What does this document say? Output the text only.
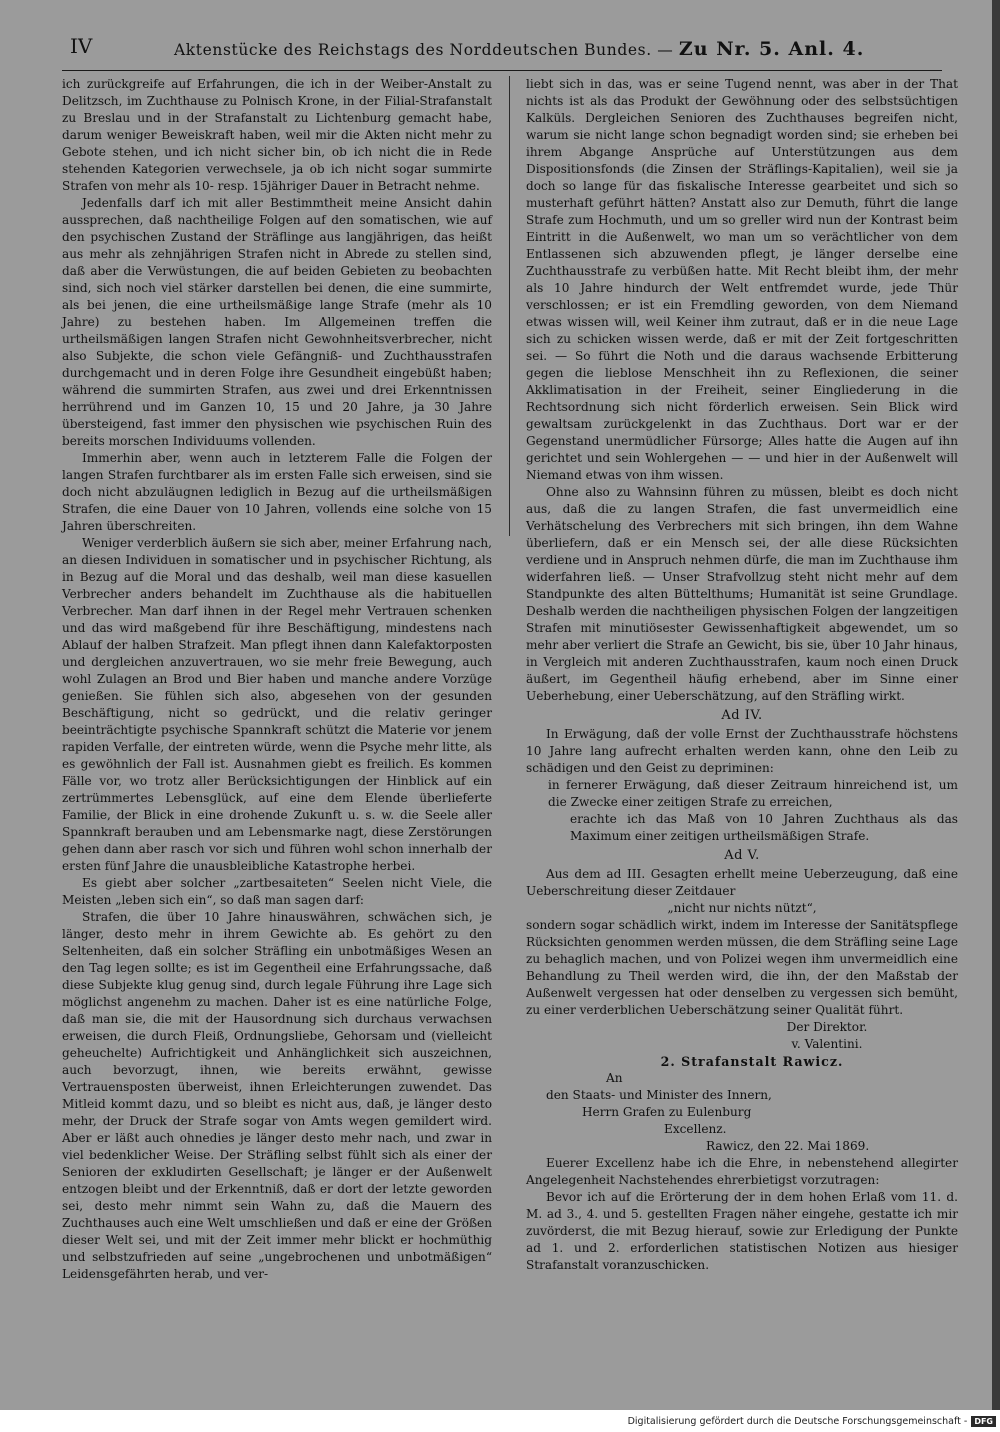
IV	Aktenstücke des Reichstags des Norddeutschen Bundes. — Zu Nr. 5. Anl. 4.

ich zurückgreife auf Erfahrungen, die ich in der Weiber-Anstalt zu Delitzsch, im Zuchthause zu Polnisch Krone, in der Filial-Strafanstalt zu Breslau und in der Strafanstalt zu Lichtenburg gemacht habe, darum weniger Beweiskraft haben, weil mir die Akten nicht mehr zu Gebote stehen, und ich nicht sicher bin, ob ich nicht die in Rede stehenden Kategorien verwechsele, ja ob ich nicht sogar summirte Strafen von mehr als 10- resp. 15jähriger Dauer in Betracht nehme.

Jedenfalls darf ich mit aller Bestimmtheit meine Ansicht dahin aussprechen, daß nachtheilige Folgen auf den somatischen, wie auf den psychischen Zustand der Sträflinge aus langjährigen, das heißt aus mehr als zehnjährigen Strafen nicht in Abrede zu stellen sind, daß aber die Verwüstungen, die auf beiden Gebieten zu beobachten sind, sich noch viel stärker darstellen bei denen, die eine summirte, als bei jenen, die eine urtheilsmäßige lange Strafe (mehr als 10 Jahre) zu bestehen haben. Im Allgemeinen treffen die urtheilsmäßigen langen Strafen nicht Gewohnheitsverbrecher, nicht also Subjekte, die schon viele Gefängniß- und Zuchthausstrafen durchgemacht und in deren Folge ihre Gesundheit eingebüßt haben; während die summirten Strafen, aus zwei und drei Erkenntnissen herrührend und im Ganzen 10, 15 und 20 Jahre, ja 30 Jahre übersteigend, fast immer den physischen wie psychischen Ruin des bereits morschen Individuums vollenden.

Immerhin aber, wenn auch in letzterem Falle die Folgen der langen Strafen furchtbarer als im ersten Falle sich erweisen, sind sie doch nicht abzuläugnen lediglich in Bezug auf die urtheilsmäßigen Strafen, die eine Dauer von 10 Jahren, vollends eine solche von 15 Jahren überschreiten.

Weniger verderblich äußern sie sich aber, meiner Erfahrung nach, an diesen Individuen in somatischer und in psychischer Richtung, als in Bezug auf die Moral und das deshalb, weil man diese kasuellen Verbrecher anders behandelt im Zuchthause als die habituellen Verbrecher. Man darf ihnen in der Regel mehr Vertrauen schenken und das wird maßgebend für ihre Beschäftigung, mindestens nach Ablauf der halben Strafzeit. Man pflegt ihnen dann Kalefaktorposten und dergleichen anzuvertrauen, wo sie mehr freie Bewegung, auch wohl Zulagen an Brod und Bier haben und manche andere Vorzüge genießen. Sie fühlen sich also, abgesehen von der gesunden Beschäftigung, nicht so gedrückt, und die relativ geringer beeinträchtigte psychische Spannkraft schützt die Materie vor jenem rapiden Verfalle, der eintreten würde, wenn die Psyche mehr litte, als es gewöhnlich der Fall ist. Ausnahmen giebt es freilich. Es kommen Fälle vor, wo trotz aller Berücksichtigungen der Hinblick auf ein zertrümmertes Lebensglück, auf eine dem Elende überlieferte Familie, der Blick in eine drohende Zukunft u. s. w. die Seele aller Spannkraft berauben und am Lebensmarke nagt, diese Zerstörungen gehen dann aber rasch vor sich und führen wohl schon innerhalb der ersten fünf Jahre die unausbleibliche Katastrophe herbei.

Es giebt aber solcher „zartbesaiteten“ Seelen nicht Viele, die Meisten „leben sich ein“, so daß man sagen darf:

Strafen, die über 10 Jahre hinauswähren, schwächen sich, je länger, desto mehr in ihrem Gewichte ab. Es gehört zu den Seltenheiten, daß ein solcher Sträfling ein unbotmäßiges Wesen an den Tag legen sollte; es ist im Gegentheil eine Erfahrungssache, daß diese Subjekte klug genug sind, durch legale Führung ihre Lage sich möglichst angenehm zu machen. Daher ist es eine natürliche Folge, daß man sie, die mit der Hausordnung sich durchaus verwachsen erweisen, die durch Fleiß, Ordnungsliebe, Gehorsam und (vielleicht geheuchelte) Aufrichtigkeit und Anhänglichkeit sich auszeichnen, auch bevorzugt, ihnen, wie bereits erwähnt, gewisse Vertrauensposten überweist, ihnen Erleichterungen zuwendet. Das Mitleid kommt dazu, und so bleibt es nicht aus, daß, je länger desto mehr, der Druck der Strafe sogar von Amts wegen gemildert wird. Aber er läßt auch ohnedies je länger desto mehr nach, und zwar in viel bedenklicher Weise. Der Sträfling selbst fühlt sich als einer der Senioren der exkludirten Gesellschaft; je länger er der Außenwelt entzogen bleibt und der Erkenntniß, daß er dort der letzte geworden sei, desto mehr nimmt sein Wahn zu, daß die Mauern des Zuchthauses auch eine Welt umschließen und daß er eine der Größen dieser Welt sei, und mit der Zeit immer mehr blickt er hochmüthig und selbstzufrieden auf seine „ungebrochenen und unbotmäßigen“ Leidensgefährten herab, und ver-

liebt sich in das, was er seine Tugend nennt, was aber in der That nichts ist als das Produkt der Gewöhnung oder des selbstsüchtigen Kalküls. Dergleichen Senioren des Zuchthauses begreifen nicht, warum sie nicht lange schon begnadigt worden sind; sie erheben bei ihrem Abgange Ansprüche auf Unterstützungen aus dem Dispositionsfonds (die Zinsen der Sträflings-Kapitalien), weil sie ja doch so lange für das fiskalische Interesse gearbeitet und sich so musterhaft geführt hätten? Anstatt also zur Demuth, führt die lange Strafe zum Hochmuth, und um so greller wird nun der Kontrast beim Eintritt in die Außenwelt, wo man um so verächtlicher von dem Entlassenen sich abzuwenden pflegt, je länger derselbe eine Zuchthausstrafe zu verbüßen hatte. Mit Recht bleibt ihm, der mehr als 10 Jahre hindurch der Welt entfremdet wurde, jede Thür verschlossen; er ist ein Fremdling geworden, von dem Niemand etwas wissen will, weil Keiner ihm zutraut, daß er in die neue Lage sich zu schicken wissen werde, daß er mit der Zeit fortgeschritten sei. — So führt die Noth und die daraus wachsende Erbitterung gegen die lieblose Menschheit ihn zu Reflexionen, die seiner Akklimatisation in der Freiheit, seiner Eingliederung in die Rechtsordnung sich nicht förderlich erweisen. Sein Blick wird gewaltsam zurückgelenkt in das Zuchthaus. Dort war er der Gegenstand unermüdlicher Fürsorge; Alles hatte die Augen auf ihn gerichtet und sein Wohlergehen — — und hier in der Außenwelt will Niemand etwas von ihm wissen.

Ohne also zu Wahnsinn führen zu müssen, bleibt es doch nicht aus, daß die zu langen Strafen, die fast unvermeidlich eine Verhätschelung des Verbrechers mit sich bringen, ihn dem Wahne überliefern, daß er ein Mensch sei, der alle diese Rücksichten verdiene und in Anspruch nehmen dürfe, die man im Zuchthause ihm widerfahren ließ. — Unser Strafvollzug steht nicht mehr auf dem Standpunkte des alten Büttelthums; Humanität ist seine Grundlage. Deshalb werden die nachtheiligen physischen Folgen der langzeitigen Strafen mit minutiösester Gewissenhaftigkeit abgewendet, um so mehr aber verliert die Strafe an Gewicht, bis sie, über 10 Jahr hinaus, in Vergleich mit anderen Zuchthausstrafen, kaum noch einen Druck äußert, im Gegentheil häufig erhebend, aber im Sinne einer Ueberhebung, einer Ueberschätzung, auf den Sträfling wirkt.

Ad IV.

In Erwägung, daß der volle Ernst der Zuchthausstrafe höchstens 10 Jahre lang aufrecht erhalten werden kann, ohne den Leib zu schädigen und den Geist zu depriminen:

in fernerer Erwägung, daß dieser Zeitraum hinreichend ist, um die Zwecke einer zeitigen Strafe zu erreichen,

erachte ich das Maß von 10 Jahren Zuchthaus als das Maximum einer zeitigen urtheilsmäßigen Strafe.

Ad V.

Aus dem ad III. Gesagten erhellt meine Ueberzeugung, daß eine Ueberschreitung dieser Zeitdauer

„nicht nur nichts nützt“,

sondern sogar schädlich wirkt, indem im Interesse der Sanitätspflege Rücksichten genommen werden müssen, die dem Sträfling seine Lage zu behaglich machen, und von Polizei wegen ihm unvermeidlich eine Behandlung zu Theil werden wird, die ihn, der den Maßstab der Außenwelt vergessen hat oder denselben zu vergessen sich bemüht, zu einer verderblichen Ueberschätzung seiner Qualität führt.

Der Direktor.

v. Valentini.

2. Strafanstalt Rawicz.

An

den Staats- und Minister des Innern,

Herrn Grafen zu Eulenburg

Excellenz.

Rawicz, den 22. Mai 1869.

Euerer Excellenz habe ich die Ehre, in nebenstehend allegirter Angelegenheit Nachstehendes ehrerbietigst vorzutragen:

Bevor ich auf die Erörterung der in dem hohen Erlaß vom 11. d. M. ad 3., 4. und 5. gestellten Fragen näher eingehe, gestatte ich mir zuvörderst, die mit Bezug hierauf, sowie zur Erledigung der Punkte ad 1. und 2. erforderlichen statistischen Notizen aus hiesiger Strafanstalt voranzuschicken.

Digitalisierung gefördert durch die Deutsche Forschungsgemeinschaft - DFG
